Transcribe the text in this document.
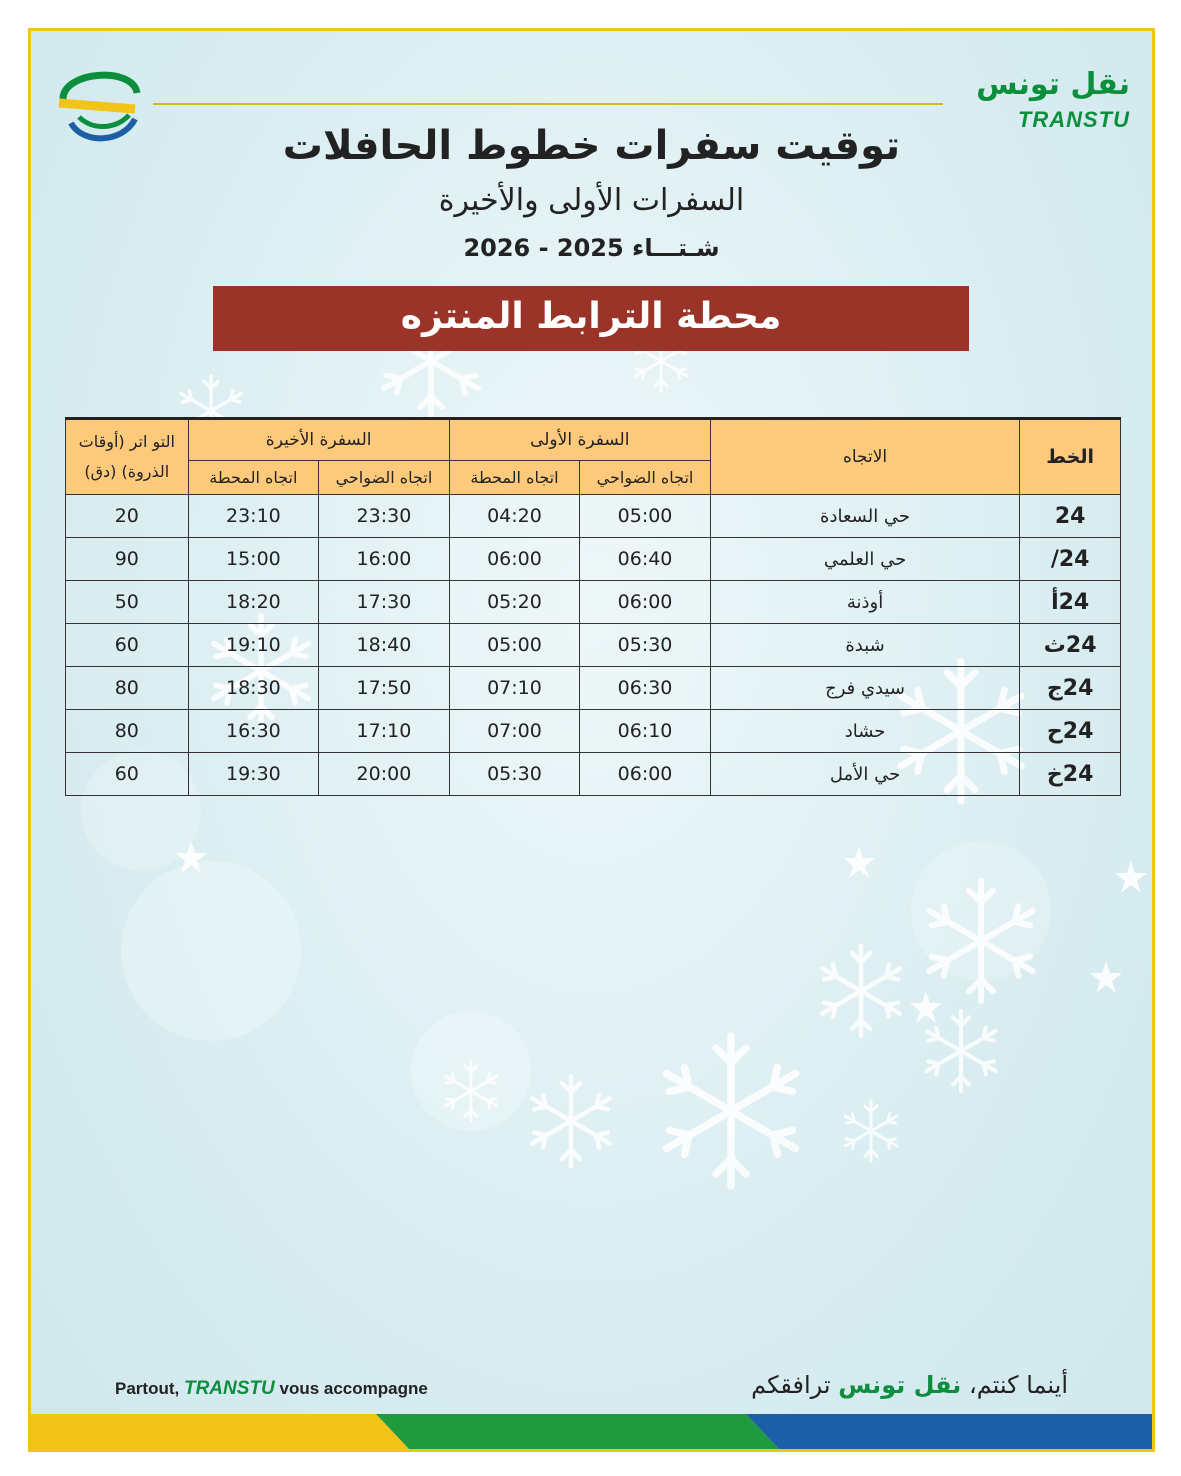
نقل تونس
TRANSTU
توقيت سفرات خطوط الحافلات
السفرات الأولى والأخيرة
شـتـــاء 2025 - 2026
محطة الترابط المنتزه
الخط	الاتجاه	السفرة الأولى		السفرة الأخيرة		التو اتر (أوقات
الذروة) (دق)

		اتجاه الضواحي	اتجاه المحطة	اتجاه الضواحي	اتجاه المحطة	
24	حي السعادة	05:00	04:20	23:30	23:10	20
24/	حي العلمي	06:40	06:00	16:00	15:00	90
24أ	أوذنة	06:00	05:20	17:30	18:20	50
24ث	شبدة	05:30	05:00	18:40	19:10	60
24ج	سيدي فرج	06:30	07:10	17:50	18:30	80
24ح	حشاد	06:10	07:00	17:10	16:30	80
24خ	حي الأمل	06:00	05:30	20:00	19:30	60
Partout, TRANSTU vous accompagne	أينما كنتم، نقل تونس ترافقكم
